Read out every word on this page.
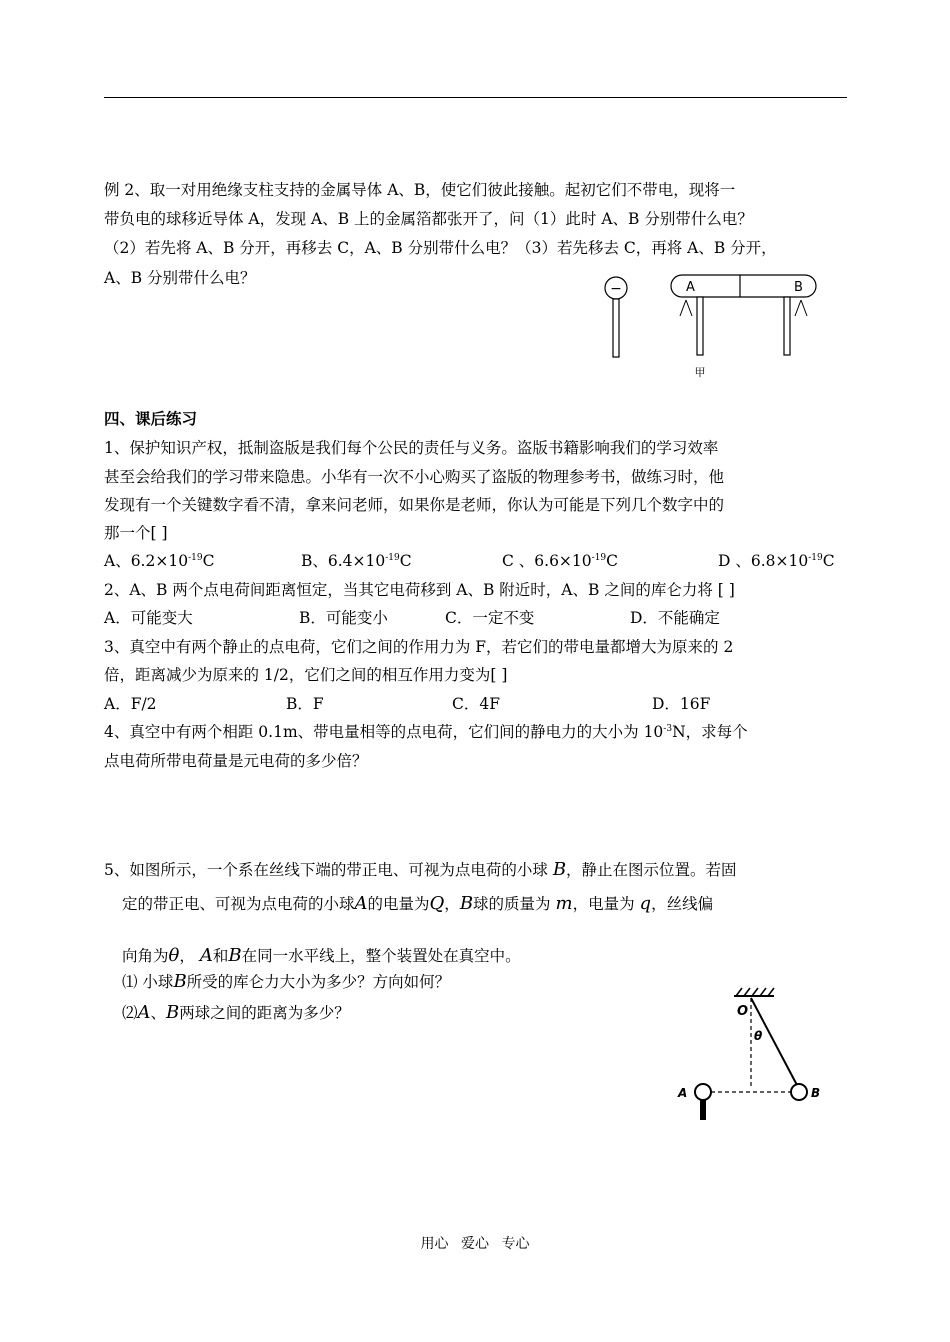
例 2、取一对用绝缘支柱支持的金属导体 A、B，使它们彼此接触。起初它们不带电，现将一
带负电的球移近导体 A，发现 A、B 上的金属箔都张开了，问（1）此时 A、B 分别带什么电？
（2）若先将 A、B 分开，再移去 C，A、B 分别带什么电？（3）若先移去 C，再将 A、B 分开，
A、B 分别带什么电？
−	A	B
甲
四、课后练习
1、保护知识产权，抵制盗版是我们每个公民的责任与义务。盗版书籍影响我们的学习效率
甚至会给我们的学习带来隐患。小华有一次不小心购买了盗版的物理参考书，做练习时，他
发现有一个关键数字看不清，拿来问老师，如果你是老师，你认为可能是下列几个数字中的
那一个[ ]
A、$6.2\times 10^{-19}C$	B、$6.4\times 10^{-19}C$	C 、$6.6\times 10^{-19}C$	D 、$6.8\times 10^{-19}C$
2、A、B 两个点电荷间距离恒定，当其它电荷移到 A、B 附近时，A、B 之间的库仑力将 [ ]
A．可能变大	B．可能变小	C．一定不变	D．不能确定
3、真空中有两个静止的点电荷，它们之间的作用力为 F，若它们的带电量都增大为原来的 2
倍，距离减少为原来的 1/2，它们之间的相互作用力变为[ ]
A．F/2	B．F	C．4F	D．16F
4、真空中有两个相距 0.1m、带电量相等的点电荷，它们间的静电力的大小为 $10^{-3}N$，求每个
点电荷所带电荷量是元电荷的多少倍？
5、如图所示，一个系在丝线下端的带正电、可视为点电荷的小球 B，静止在图示位置。若固
定的带正电、可视为点电荷的小球A的电量为Q，B球的质量为 m，电量为 q，丝线偏
向角为θ， A和B在同一水平线上，整个装置处在真空中。
⑴ 小球B所受的库仑力大小为多少？方向如何？
⑵A、B两球之间的距离为多少？	O
θ
A	B
用心 爱心 专心
